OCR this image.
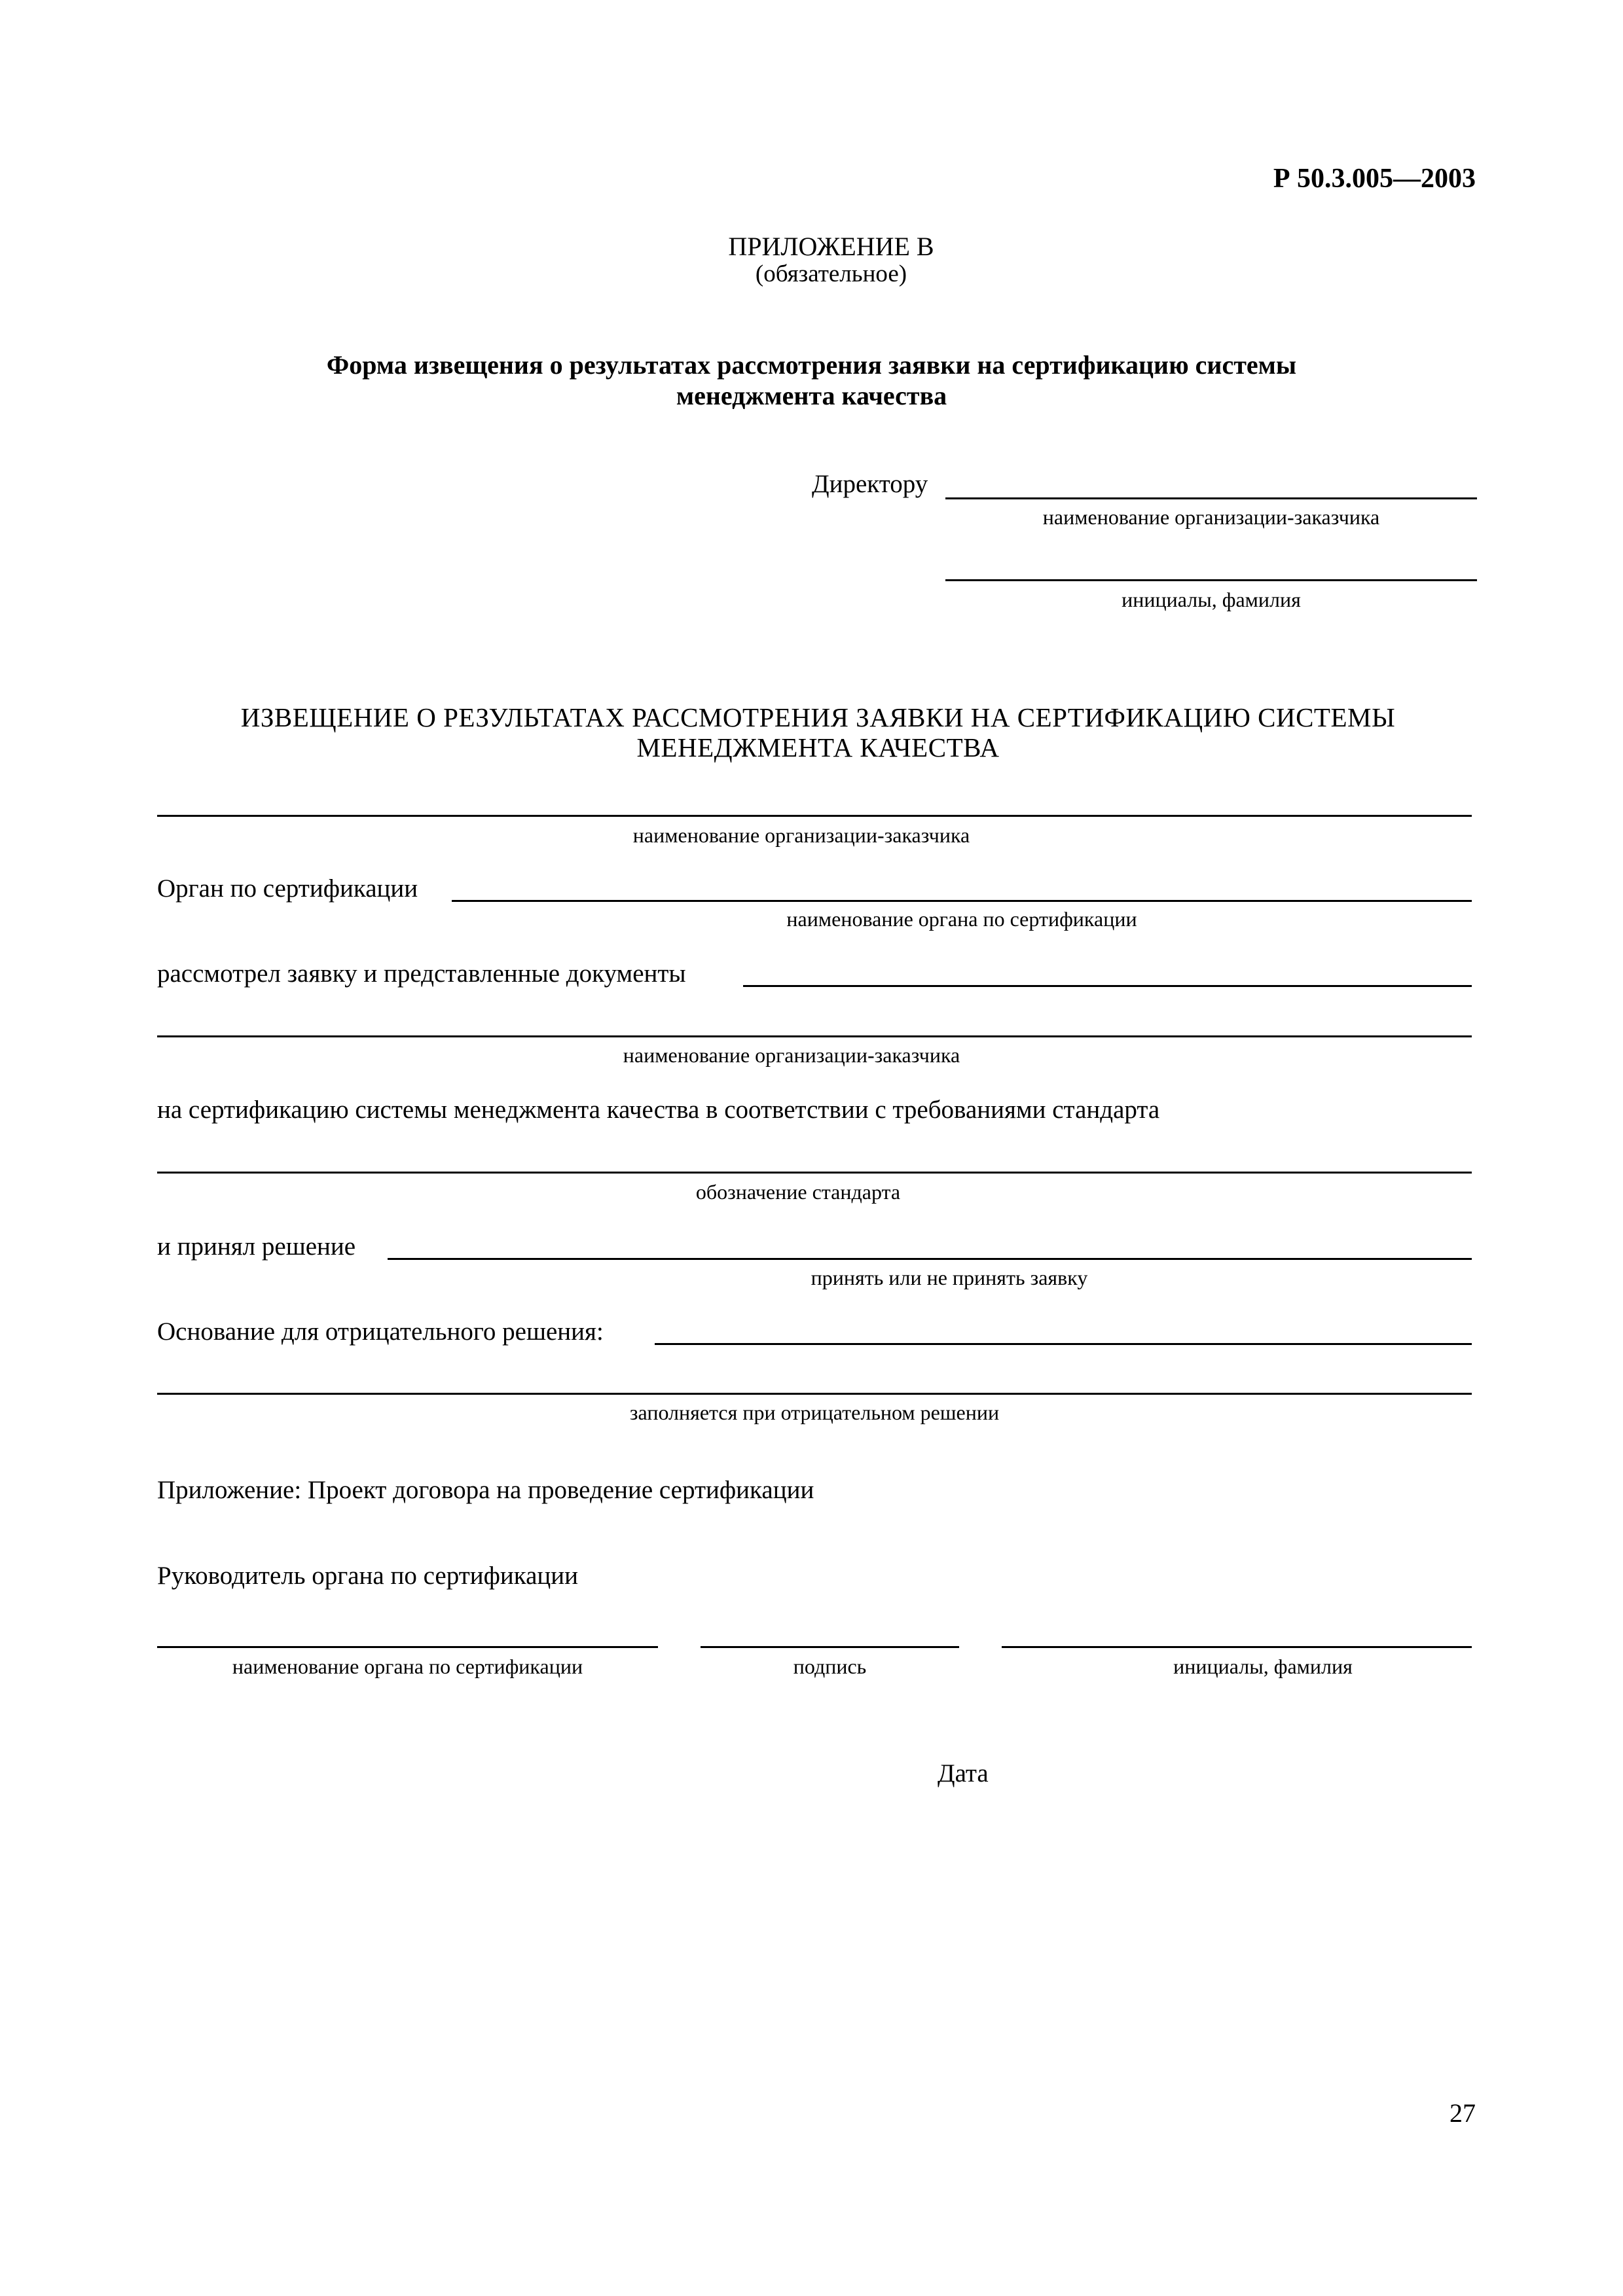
Р 50.3.005—2003
ПРИЛОЖЕНИЕ В
(обязательное)
Форма извещения о результатах рассмотрения заявки на сертификацию системы
менеджмента качества
Директору
наименование организации-заказчика
инициалы, фамилия
ИЗВЕЩЕНИЕ О РЕЗУЛЬТАТАХ РАССМОТРЕНИЯ ЗАЯВКИ НА СЕРТИФИКАЦИЮ СИСТЕМЫ
МЕНЕДЖМЕНТА КАЧЕСТВА
наименование организации-заказчика
Орган по сертификации
наименование органа по сертификации
рассмотрел заявку и представленные документы
наименование организации-заказчика
на сертификацию системы менеджмента качества в соответствии с требованиями стандарта
обозначение стандарта
и принял решение
принять или не принять заявку
Основание для отрицательного решения:
заполняется при отрицательном решении
Приложение: Проект договора на проведение сертификации
Руководитель органа по сертификации
наименование органа по сертификации	подпись	инициалы, фамилия
Дата
27
